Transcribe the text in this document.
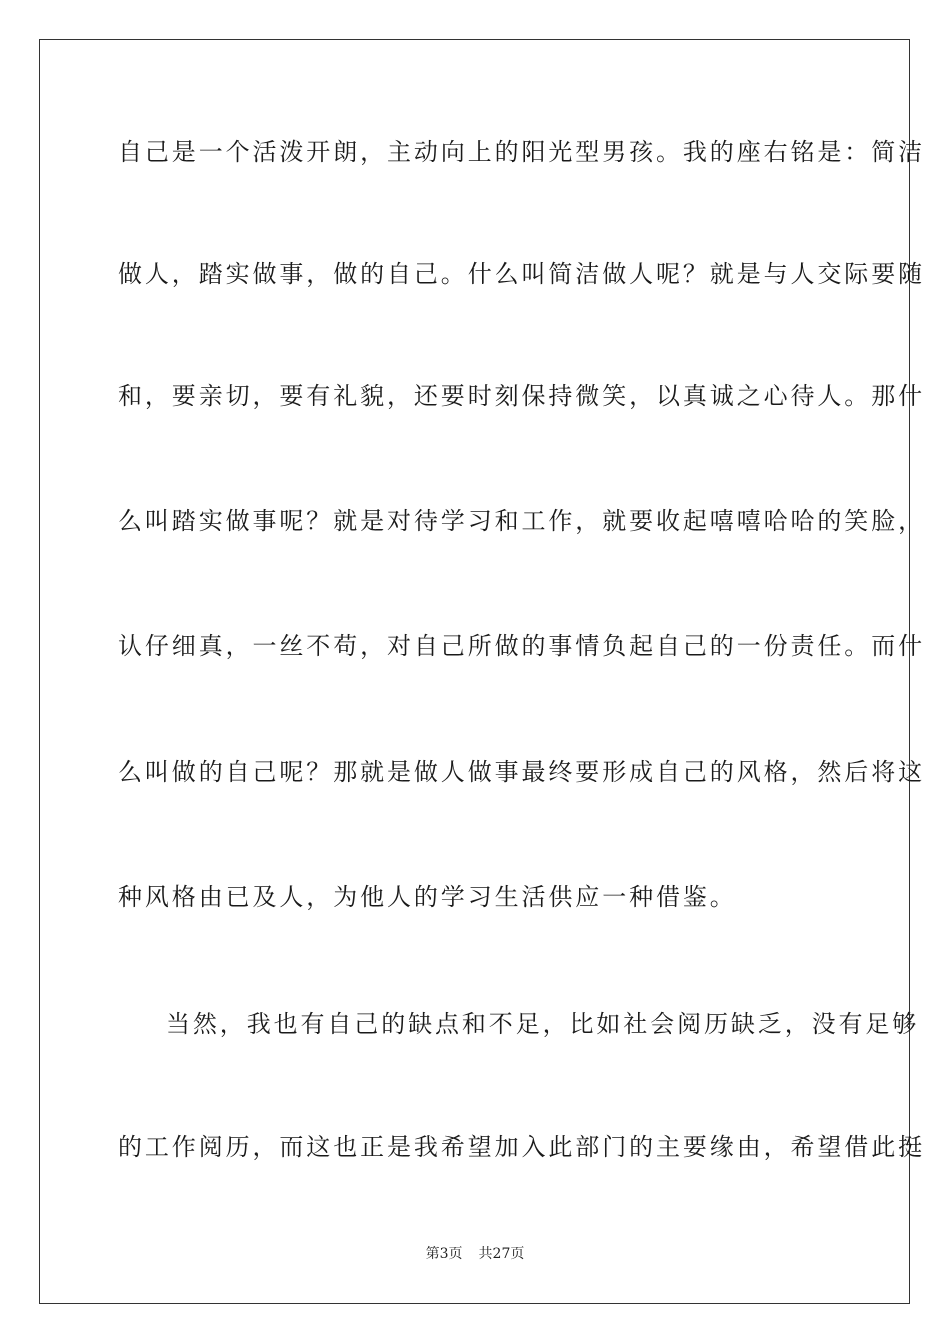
自己是一个活泼开朗，主动向上的阳光型男孩。我的座右铭是：简洁
做人，踏实做事，做的自己。什么叫简洁做人呢？就是与人交际要随
和，要亲切，要有礼貌，还要时刻保持微笑，以真诚之心待人。那什
么叫踏实做事呢？就是对待学习和工作，就要收起嘻嘻哈哈的笑脸，
认仔细真，一丝不苟，对自己所做的事情负起自己的一份责任。而什
么叫做的自己呢？那就是做人做事最终要形成自己的风格，然后将这
种风格由已及人，为他人的学习生活供应一种借鉴。
当然，我也有自己的缺点和不足，比如社会阅历缺乏，没有足够
的工作阅历，而这也正是我希望加入此部门的主要缘由，希望借此挺
第3页 共27页
